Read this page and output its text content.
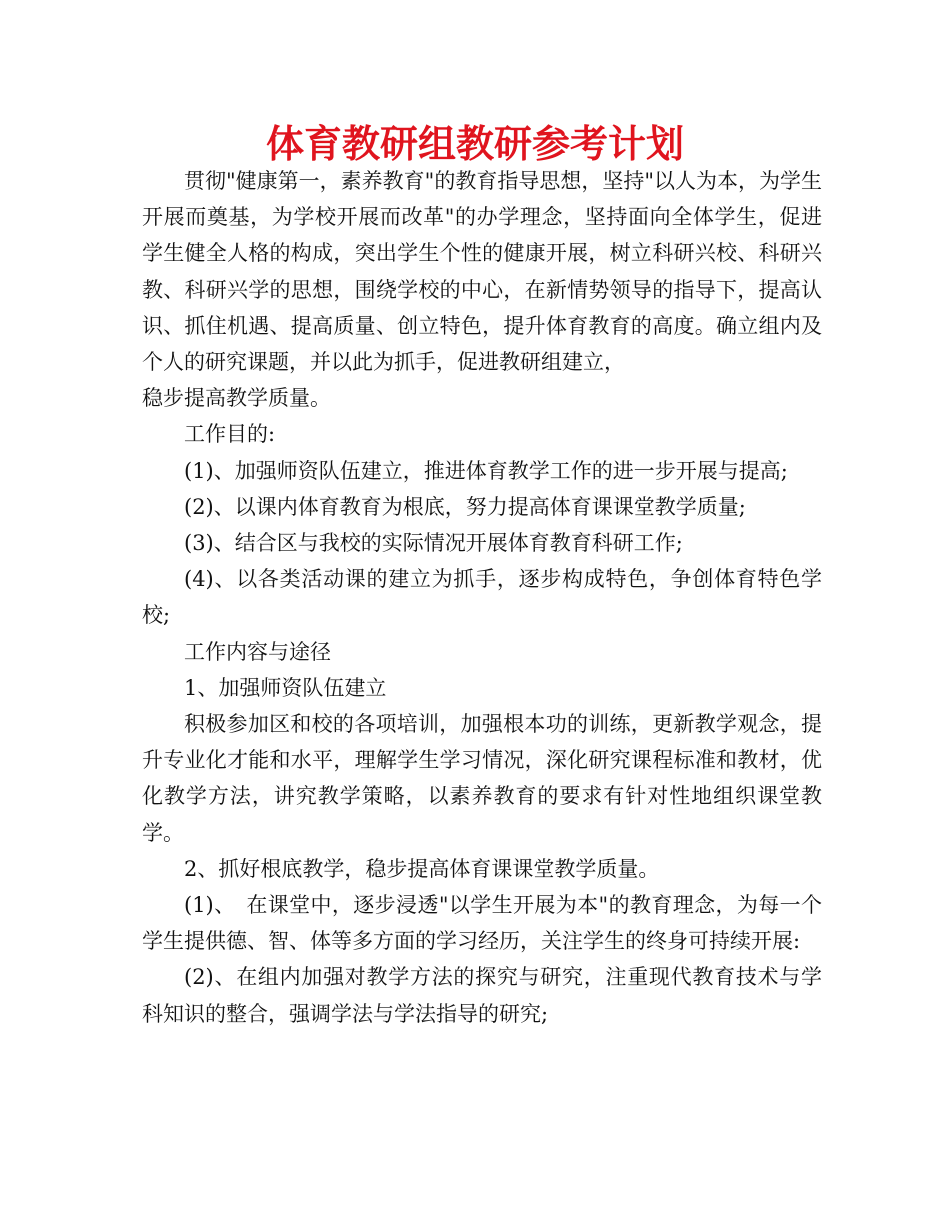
体育教研组教研参考计划

贯彻"健康第一，素养教育"的教育指导思想，坚持"以人为本，为学生开展而奠基，为学校开展而改革"的办学理念，坚持面向全体学生，促进学生健全人格的构成，突出学生个性的健康开展，树立科研兴校、科研兴教、科研兴学的思想，围绕学校的中心，在新情势领导的指导下，提高认识、抓住机遇、提高质量、创立特色，提升体育教育的高度。确立组内及个人的研究课题，并以此为抓手，促进教研组建立，

稳步提高教学质量。

工作目的:

(1)、加强师资队伍建立，推进体育教学工作的进一步开展与提高;

(2)、以课内体育教育为根底，努力提高体育课课堂教学质量;

(3)、结合区与我校的实际情况开展体育教育科研工作;

(4)、以各类活动课的建立为抓手，逐步构成特色，争创体育特色学校;

工作内容与途径

1、加强师资队伍建立

积极参加区和校的各项培训，加强根本功的训练，更新教学观念，提升专业化才能和水平，理解学生学习情况，深化研究课程标准和教材，优化教学方法，讲究教学策略，以素养教育的要求有针对性地组织课堂教学。

2、抓好根底教学，稳步提高体育课课堂教学质量。

(1)、　在课堂中，逐步浸透"以学生开展为本"的教育理念，为每一个学生提供德、智、体等多方面的学习经历，关注学生的终身可持续开展:

(2)、在组内加强对教学方法的探究与研究，注重现代教育技术与学科知识的整合，强调学法与学法指导的研究;
